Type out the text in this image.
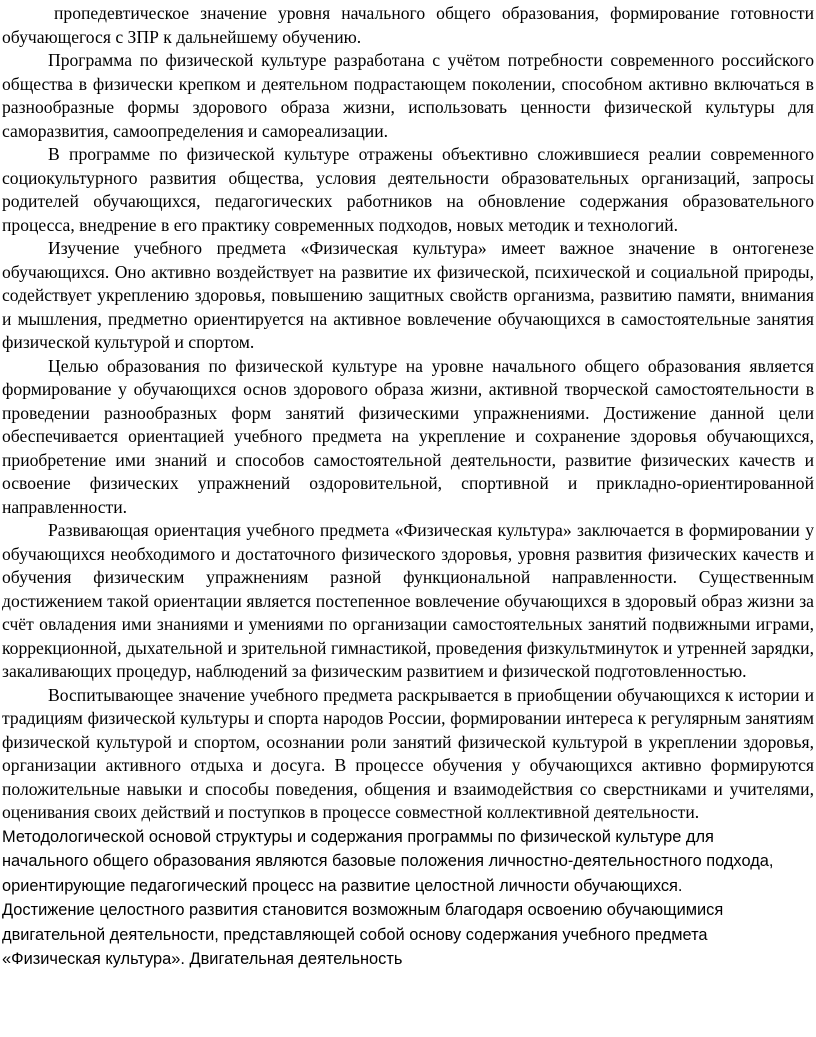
пропедевтическое значение уровня начального общего образования, формирование готовности обучающегося с ЗПР к дальнейшему обучению.

Программа по физической культуре разработана с учётом потребности современного российского общества в физически крепком и деятельном подрастающем поколении, способном активно включаться в разнообразные формы здорового образа жизни, использовать ценности физической культуры для саморазвития, самоопределения и самореализации.

В программе по физической культуре отражены объективно сложившиеся реалии современного социокультурного развития общества, условия деятельности образовательных организаций, запросы родителей обучающихся, педагогических работников на обновление содержания образовательного процесса, внедрение в его практику современных подходов, новых методик и технологий.

Изучение учебного предмета «Физическая культура» имеет важное значение в онтогенезе обучающихся. Оно активно воздействует на развитие их физической, психической и социальной природы, содействует укреплению здоровья, повышению защитных свойств организма, развитию памяти, внимания и мышления, предметно ориентируется на активное вовлечение обучающихся в самостоятельные занятия физической культурой и спортом.

Целью образования по физической культуре на уровне начального общего образования является формирование у обучающихся основ здорового образа жизни, активной творческой самостоятельности в проведении разнообразных форм занятий физическими упражнениями. Достижение данной цели обеспечивается ориентацией учебного предмета на укрепление и сохранение здоровья обучающихся, приобретение ими знаний и способов самостоятельной деятельности, развитие физических качеств и освоение физических упражнений оздоровительной, спортивной и прикладно-ориентированной направленности.

Развивающая ориентация учебного предмета «Физическая культура» заключается в формировании у обучающихся необходимого и достаточного физического здоровья, уровня развития физических качеств и обучения физическим упражнениям разной функциональной направленности. Существенным достижением такой ориентации является постепенное вовлечение обучающихся в здоровый образ жизни за счёт овладения ими знаниями и умениями по организации самостоятельных занятий подвижными играми, коррекционной, дыхательной и зрительной гимнастикой, проведения физкультминуток и утренней зарядки, закаливающих процедур, наблюдений за физическим развитием и физической подготовленностью.

Воспитывающее значение учебного предмета раскрывается в приобщении обучающихся к истории и традициям физической культуры и спорта народов России, формировании интереса к регулярным занятиям физической культурой и спортом, осознании роли занятий физической культурой в укреплении здоровья, организации активного отдыха и досуга. В процессе обучения у обучающихся активно формируются положительные навыки и способы поведения, общения и взаимодействия со сверстниками и учителями, оценивания своих действий и поступков в процессе совместной коллективной деятельности.

Методологической основой структуры и содержания программы по физической культуре для
начального общего образования являются базовые положения личностно-деятельностного подхода,
ориентирующие педагогический процесс на развитие целостной личности обучающихся.
Достижение целостного развития становится возможным благодаря освоению обучающимися
двигательной деятельности, представляющей собой основу содержания учебного предмета
«Физическая культура». Двигательная деятельность
